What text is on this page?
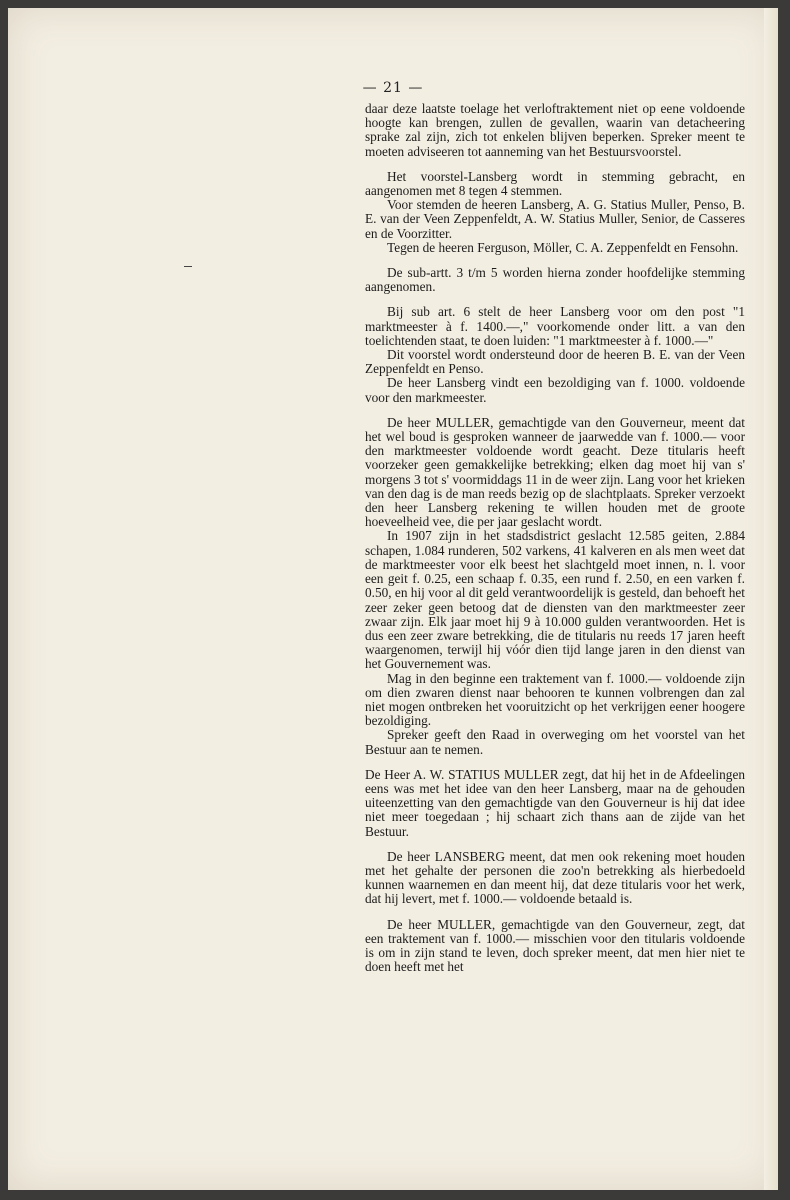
— 21 —

daar deze laatste toelage het verloftraktement niet op eene voldoende hoogte kan brengen, zullen de gevallen, waarin van detacheering sprake zal zijn, zich tot enkelen blijven beperken. Spreker meent te moeten adviseeren tot aanneming van het Bestuursvoorstel.

Het voorstel-Lansberg wordt in stemming gebracht, en aangenomen met 8 tegen 4 stemmen.

Voor stemden de heeren Lansberg, A. G. Statius Muller, Penso, B. E. van der Veen Zeppenfeldt, A. W. Statius Muller, Senior, de Casseres en de Voorzitter.

Tegen de heeren Ferguson, Möller, C. A. Zeppenfeldt en Fensohn.

De sub-artt. 3 t/m 5 worden hierna zonder hoofdelijke stemming aangenomen.

Bij sub art. 6 stelt de heer Lansberg voor om den post "1 marktmeester à f. 1400.—," voorkomende onder litt. a van den toelichtenden staat, te doen luiden: "1 marktmeester à f. 1000.—"

Dit voorstel wordt ondersteund door de heeren B. E. van der Veen Zeppenfeldt en Penso.

De heer Lansberg vindt een bezoldiging van f. 1000. voldoende voor den markmeester.

De heer MULLER, gemachtigde van den Gouverneur, meent dat het wel boud is gesproken wanneer de jaarwedde van f. 1000.— voor den marktmeester voldoende wordt geacht. Deze titularis heeft voorzeker geen gemakkelijke betrekking; elken dag moet hij van s' morgens 3 tot s' voormiddags 11 in de weer zijn. Lang voor het krieken van den dag is de man reeds bezig op de slachtplaats. Spreker verzoekt den heer Lansberg rekening te willen houden met de groote hoeveelheid vee, die per jaar geslacht wordt.

In 1907 zijn in het stadsdistrict geslacht 12.585 geiten, 2.884 schapen, 1.084 runderen, 502 varkens, 41 kalveren en als men weet dat de marktmeester voor elk beest het slachtgeld moet innen, n. l. voor een geit f. 0.25, een schaap f. 0.35, een rund f. 2.50, en een varken f. 0.50, en hij voor al dit geld verantwoordelijk is gesteld, dan behoeft het zeer zeker geen betoog dat de diensten van den marktmeester zeer zwaar zijn. Elk jaar moet hij 9 à 10.000 gulden verantwoorden. Het is dus een zeer zware betrekking, die de titularis nu reeds 17 jaren heeft waargenomen, terwijl hij vóór dien tijd lange jaren in den dienst van het Gouvernement was.

Mag in den beginne een traktement van f. 1000.— voldoende zijn om dien zwaren dienst naar behooren te kunnen volbrengen dan zal niet mogen ontbreken het vooruitzicht op het verkrijgen eener hoogere bezoldiging.

Spreker geeft den Raad in overweging om het voorstel van het Bestuur aan te nemen.

De Heer A. W. STATIUS MULLER zegt, dat hij het in de Afdeelingen eens was met het idee van den heer Lansberg, maar na de gehouden uiteenzetting van den gemachtigde van den Gouverneur is hij dat idee niet meer toegedaan ; hij schaart zich thans aan de zijde van het Bestuur.

De heer LANSBERG meent, dat men ook rekening moet houden met het gehalte der personen die zoo'n betrekking als hierbedoeld kunnen waarnemen en dan meent hij, dat deze titularis voor het werk, dat hij levert, met f. 1000.— voldoende betaald is.

De heer MULLER, gemachtigde van den Gouverneur, zegt, dat een traktement van f. 1000.— misschien voor den titularis voldoende is om in zijn stand te leven, doch spreker meent, dat men hier niet te doen heeft met het
